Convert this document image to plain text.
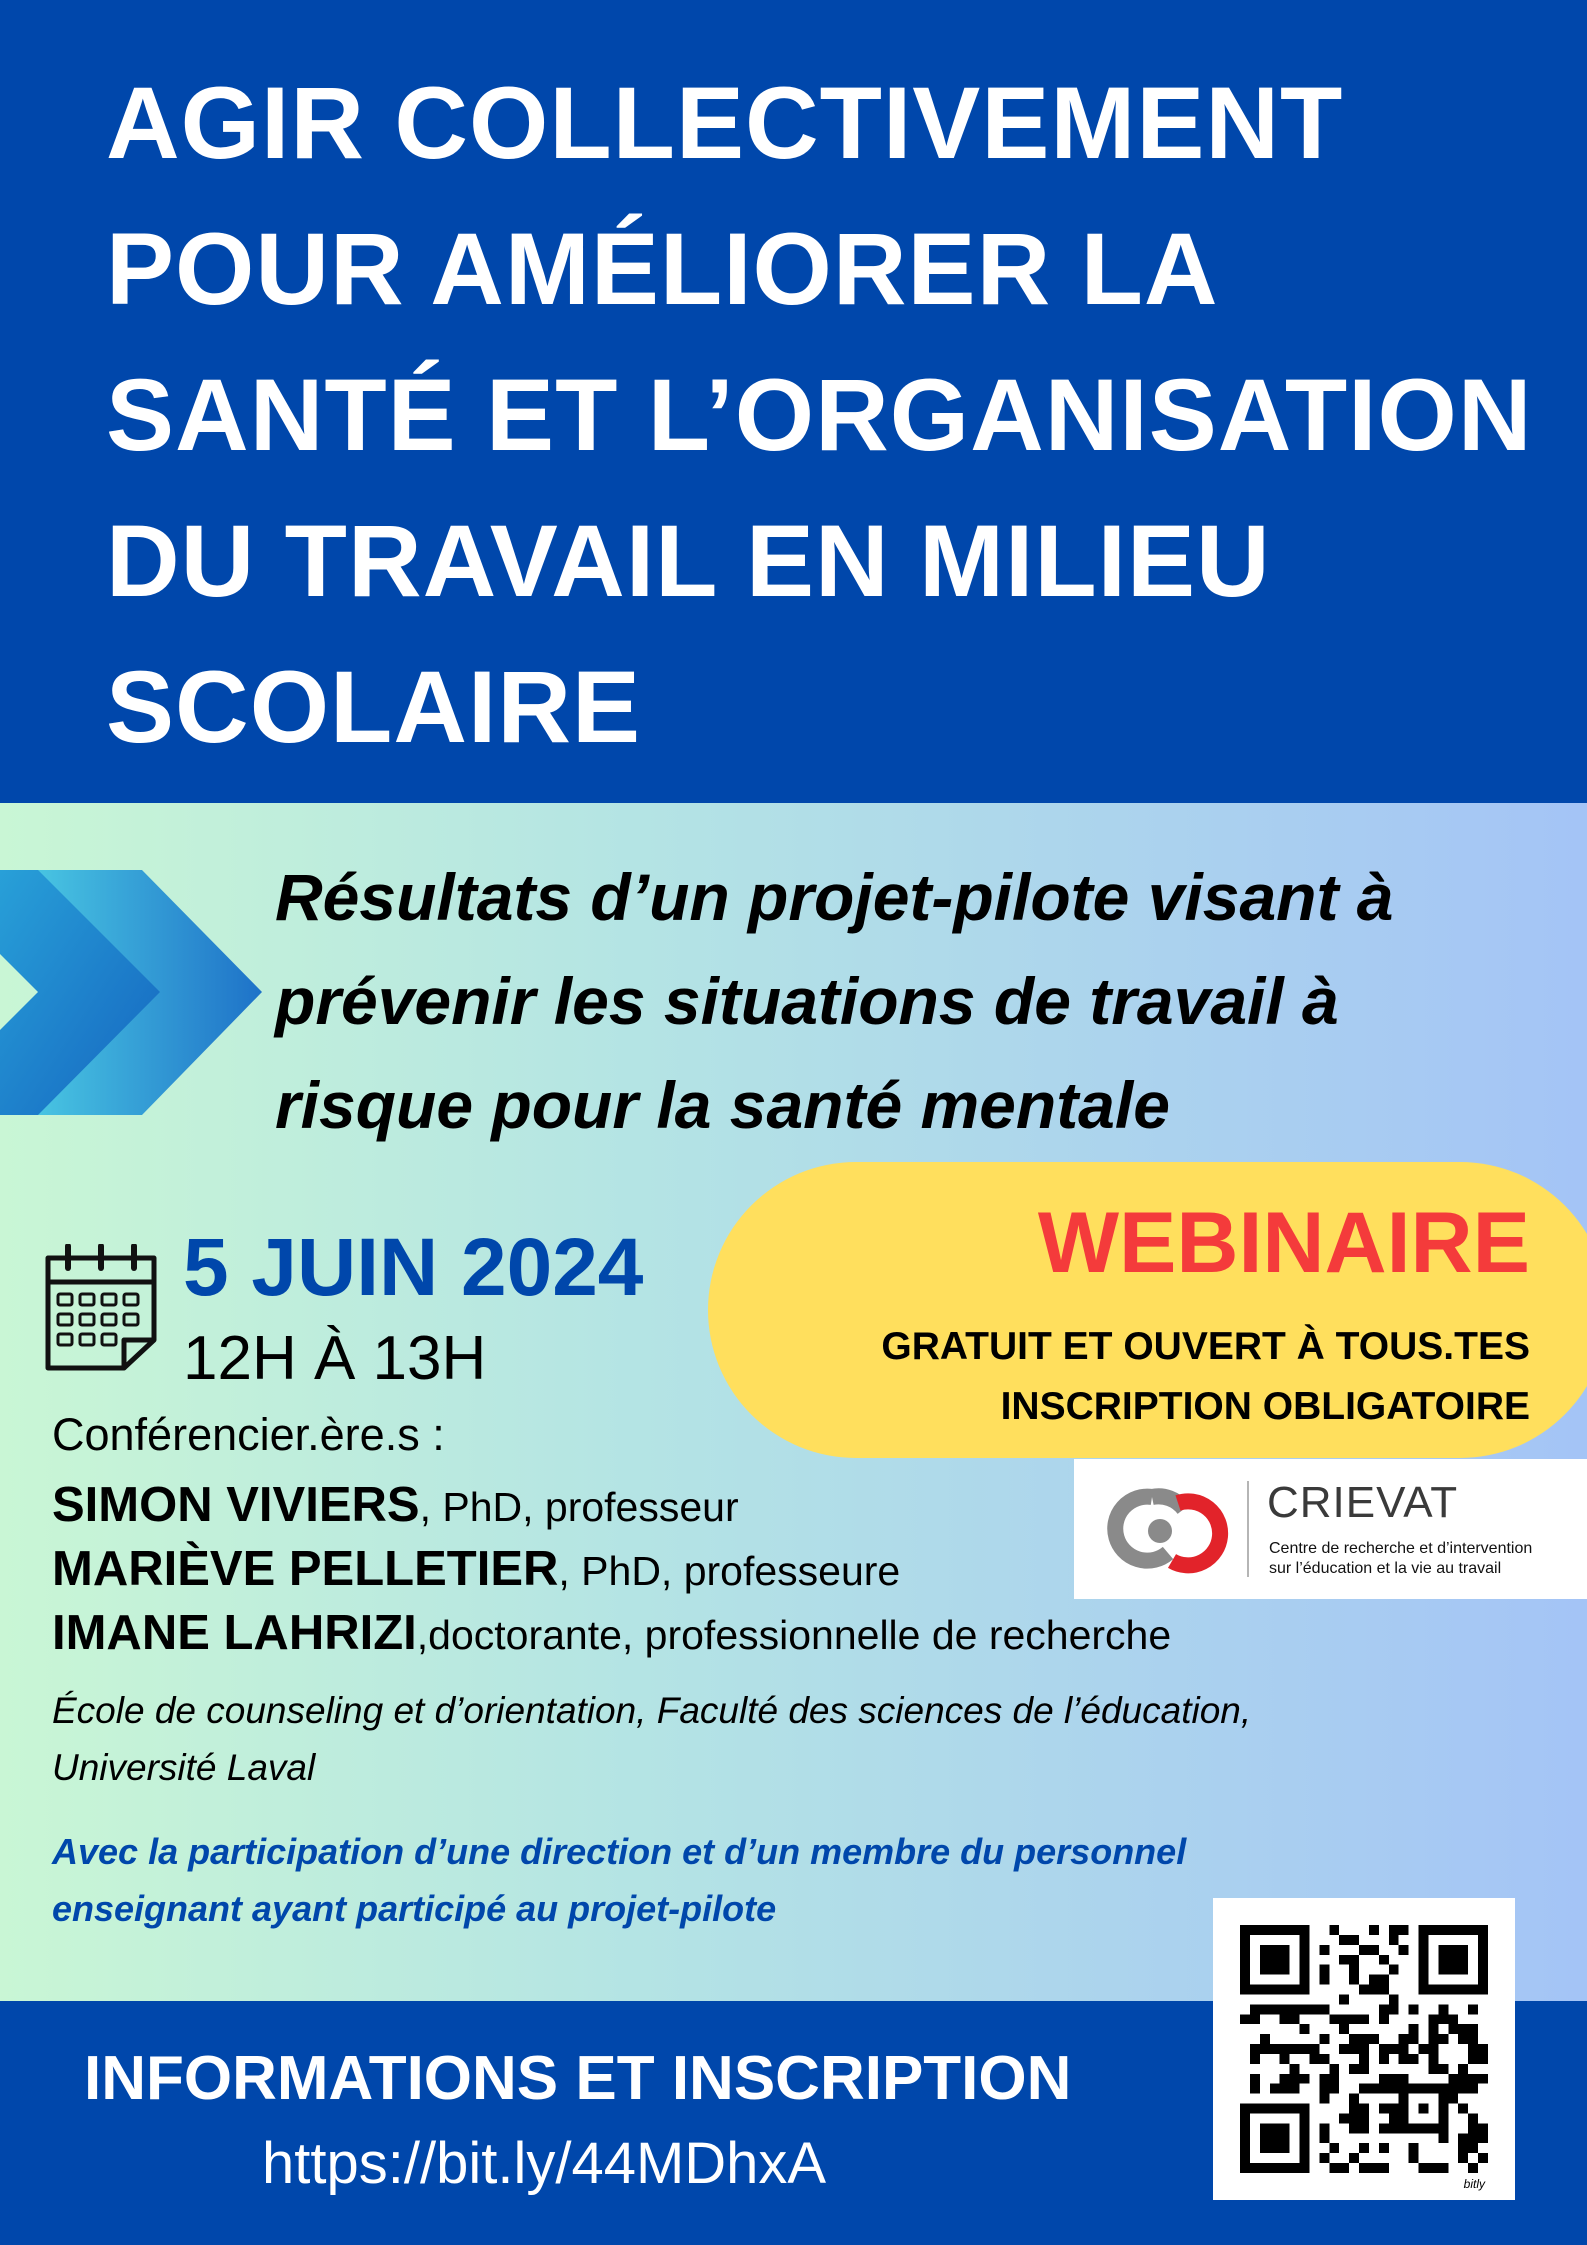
AGIR COLLECTIVEMENT
POUR AMÉLIORER LA
SANTÉ ET L’ORGANISATION
DU TRAVAIL EN MILIEU
SCOLAIRE
Résultats d’un projet-pilote visant à
prévenir les situations de travail à
risque pour la santé mentale

WEBINAIRE

GRATUIT ET OUVERT À TOUS.TES

INSCRIPTION OBLIGATOIRE

5 JUIN 2024

12H À 13H

Conférencier.ère.s :

SIMON VIVIERS, PhD, professeur

MARIÈVE PELLETIER, PhD, professeure

IMANE LAHRIZI,doctorante, professionnelle de recherche

École de counseling et d’orientation, Faculté des sciences de l’éducation,
Université Laval

Avec la participation d’une direction et d’un membre du personnel
enseignant ayant participé au projet-pilote

CRIEVAT

Centre de recherche et d’intervention

sur l’éducation et la vie au travail

INFORMATIONS ET INSCRIPTION

https://bit.ly/44MDhxA	bitly
